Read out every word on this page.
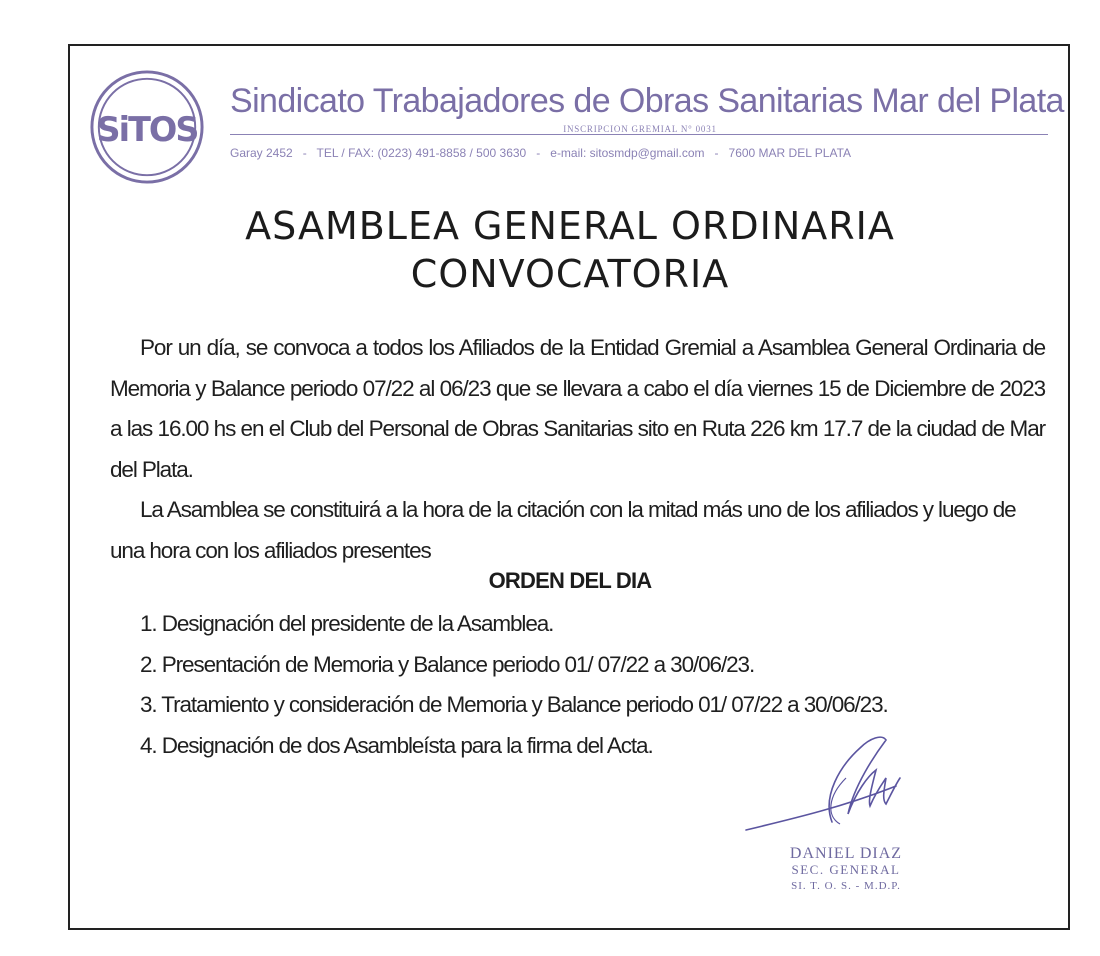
SiTOS
Sindicato Trabajadores de Obras Sanitarias Mar del Plata
INSCRIPCION GREMIAL N° 0031
Garay 2452 - TEL / FAX: (0223) 491-8858 / 500 3630 - e-mail: sitosmdp@gmail.com - 7600 MAR DEL PLATA
ASAMBLEA GENERAL ORDINARIA
CONVOCATORIA

Por un día, se convoca a todos los Afiliados de la Entidad Gremial a Asamblea General Ordinaria de Memoria y Balance periodo 07/22 al 06/23 que se llevara a cabo el día viernes 15 de Diciembre de 2023 a las 16.00 hs en el Club del Personal de Obras Sanitarias sito en Ruta 226 km 17.7 de la ciudad de Mar del Plata.

La Asamblea se constituirá a la hora de la citación con la mitad más uno de los afiliados y luego de una hora con los afiliados presentes

ORDEN DEL DIA
1. Designación del presidente de la Asamblea.
2. Presentación de Memoria y Balance periodo 01/ 07/22 a 30/06/23.
3. Tratamiento y consideración de Memoria y Balance periodo 01/ 07/22 a 30/06/23.
4. Designación de dos Asambleísta para la firma del Acta.
DANIEL DIAZ
SEC. GENERAL
SI. T. O. S. - M.D.P.
